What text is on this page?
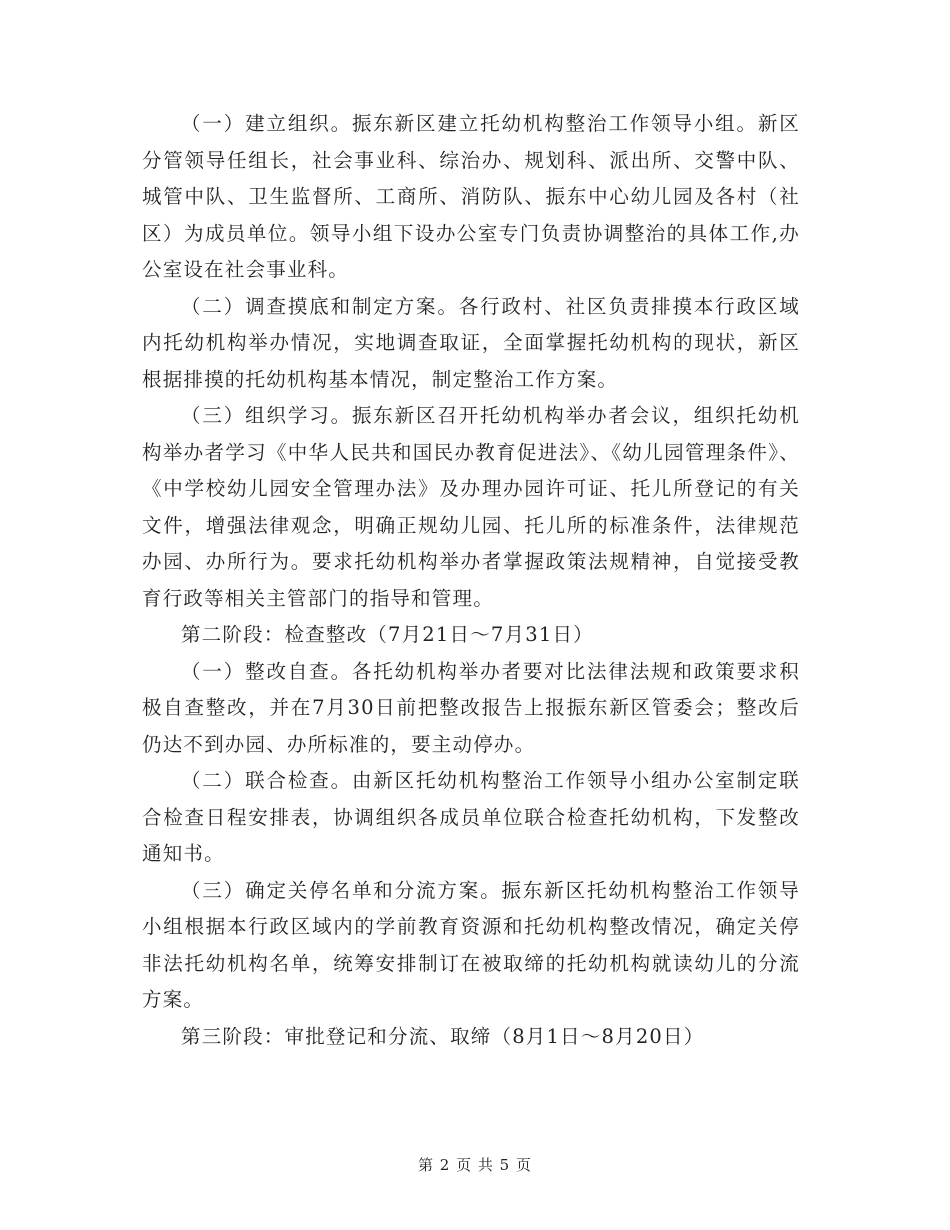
（一）建立组织。振东新区建立托幼机构整治工作领导小组。新区分管领导任组长，社会事业科、综治办、规划科、派出所、交警中队、城管中队、卫生监督所、工商所、消防队、振东中心幼儿园及各村（社区）为成员单位。领导小组下设办公室专门负责协调整治的具体工作,办公室设在社会事业科。

（二）调查摸底和制定方案。各行政村、社区负责排摸本行政区域内托幼机构举办情况，实地调查取证，全面掌握托幼机构的现状，新区根据排摸的托幼机构基本情况，制定整治工作方案。

（三）组织学习。振东新区召开托幼机构举办者会议，组织托幼机构举办者学习《中华人民共和国民办教育促进法》、《幼儿园管理条件》、《中学校幼儿园安全管理办法》及办理办园许可证、托儿所登记的有关文件，增强法律观念，明确正规幼儿园、托儿所的标准条件，法律规范办园、办所行为。要求托幼机构举办者掌握政策法规精神，自觉接受教育行政等相关主管部门的指导和管理。

第二阶段：检查整改（7月21日～7月31日）

（一）整改自查。各托幼机构举办者要对比法律法规和政策要求积极自查整改，并在7月30日前把整改报告上报振东新区管委会；整改后仍达不到办园、办所标准的，要主动停办。

（二）联合检查。由新区托幼机构整治工作领导小组办公室制定联合检查日程安排表，协调组织各成员单位联合检查托幼机构，下发整改通知书。

（三）确定关停名单和分流方案。振东新区托幼机构整治工作领导小组根据本行政区域内的学前教育资源和托幼机构整改情况，确定关停非法托幼机构名单，统筹安排制订在被取缔的托幼机构就读幼儿的分流方案。

第三阶段：审批登记和分流、取缔（8月1日～8月20日）

第 2 页 共 5 页
